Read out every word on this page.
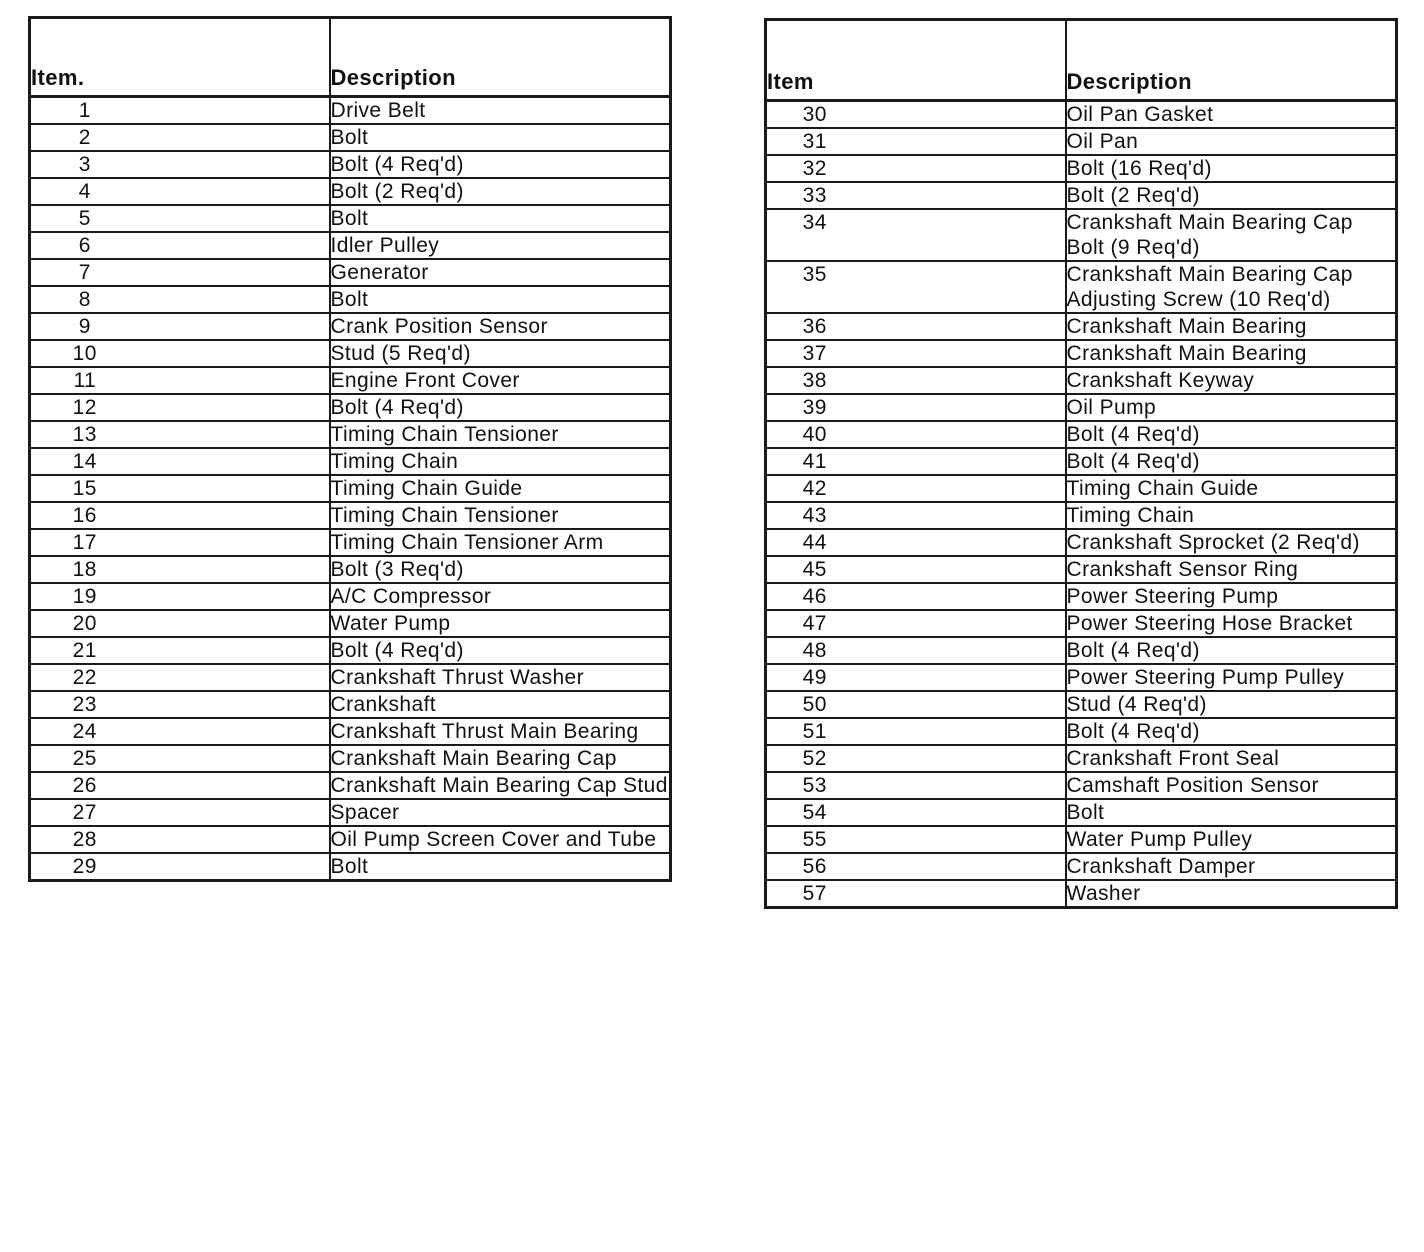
Item.	Description
1	Drive Belt
2	Bolt
3	Bolt (4 Req'd)
4	Bolt (2 Req'd)
5	Bolt
6	Idler Pulley
7	Generator
8	Bolt
9	Crank Position Sensor
10	Stud (5 Req'd)
11	Engine Front Cover
12	Bolt (4 Req'd)
13	Timing Chain Tensioner
14	Timing Chain
15	Timing Chain Guide
16	Timing Chain Tensioner
17	Timing Chain Tensioner Arm
18	Bolt (3 Req'd)
19	A/C Compressor
20	Water Pump
21	Bolt (4 Req'd)
22	Crankshaft Thrust Washer
23	Crankshaft
24	Crankshaft Thrust Main Bearing
25	Crankshaft Main Bearing Cap
26	Crankshaft Main Bearing Cap Stud
27	Spacer
28	Oil Pump Screen Cover and Tube
29	Bolt
Item	Description
30	Oil Pan Gasket
31	Oil Pan
32	Bolt (16 Req'd)
33	Bolt (2 Req'd)
34	Crankshaft Main Bearing Cap Bolt (9 Req'd)
35	Crankshaft Main Bearing Cap Adjusting Screw (10 Req'd)
36	Crankshaft Main Bearing
37	Crankshaft Main Bearing
38	Crankshaft Keyway
39	Oil Pump
40	Bolt (4 Req'd)
41	Bolt (4 Req'd)
42	Timing Chain Guide
43	Timing Chain
44	Crankshaft Sprocket (2 Req'd)
45	Crankshaft Sensor Ring
46	Power Steering Pump
47	Power Steering Hose Bracket
48	Bolt (4 Req'd)
49	Power Steering Pump Pulley
50	Stud (4 Req'd)
51	Bolt (4 Req'd)
52	Crankshaft Front Seal
53	Camshaft Position Sensor
54	Bolt
55	Water Pump Pulley
56	Crankshaft Damper
57	Washer
